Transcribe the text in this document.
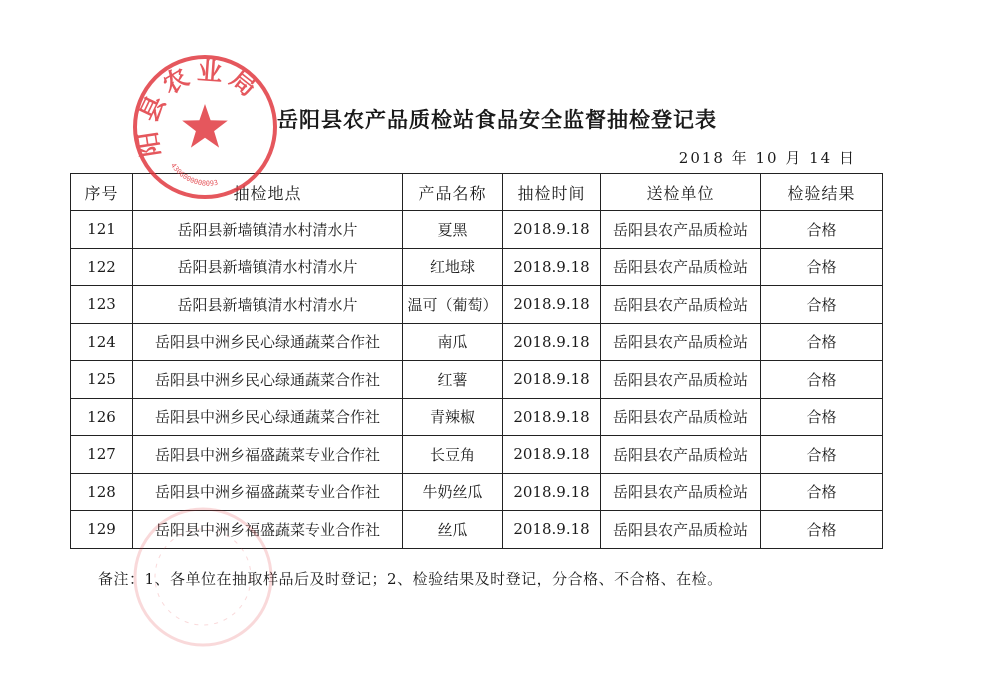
岳阳县农产品质检站食品安全监督抽检登记表
2018 年 10 月 14 日
序号	抽检地点	产品名称	抽检时间	送检单位	检验结果
121	岳阳县新墙镇清水村清水片	夏黑	2018.9.18	岳阳县农产品质检站	合格
122	岳阳县新墙镇清水村清水片	红地球	2018.9.18	岳阳县农产品质检站	合格
123	岳阳县新墙镇清水村清水片	温可（葡萄）	2018.9.18	岳阳县农产品质检站	合格
124	岳阳县中洲乡民心绿通蔬菜合作社	南瓜	2018.9.18	岳阳县农产品质检站	合格
125	岳阳县中洲乡民心绿通蔬菜合作社	红薯	2018.9.18	岳阳县农产品质检站	合格
126	岳阳县中洲乡民心绿通蔬菜合作社	青辣椒	2018.9.18	岳阳县农产品质检站	合格
127	岳阳县中洲乡福盛蔬菜专业合作社	长豆角	2018.9.18	岳阳县农产品质检站	合格
128	岳阳县中洲乡福盛蔬菜专业合作社	牛奶丝瓜	2018.9.18	岳阳县农产品质检站	合格
129	岳阳县中洲乡福盛蔬菜专业合作社	丝瓜	2018.9.18	岳阳县农产品质检站	合格
备注：1、各单位在抽取样品后及时登记；2、检验结果及时登记，分合格、不合格、在检。
阳县农业局
4306000008093
